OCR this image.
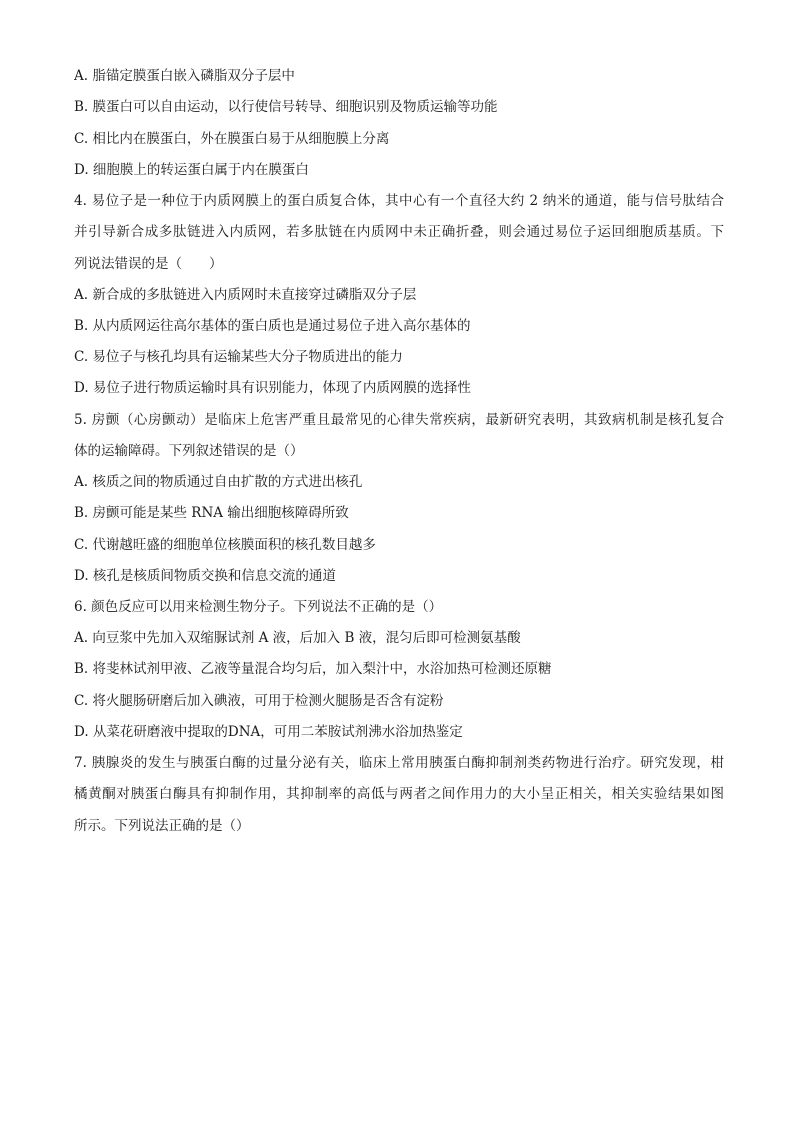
A. 脂锚定膜蛋白嵌入磷脂双分子层中
B. 膜蛋白可以自由运动，以行使信号转导、细胞识别及物质运输等功能
C. 相比内在膜蛋白，外在膜蛋白易于从细胞膜上分离
D. 细胞膜上的转运蛋白属于内在膜蛋白
4. 易位子是一种位于内质网膜上的蛋白质复合体，其中心有一个直径大约 2 纳米的通道，能与信号肽结合
并引导新合成多肽链进入内质网，若多肽链在内质网中未正确折叠，则会通过易位子运回细胞质基质。下
列说法错误的是（　　）
A. 新合成的多肽链进入内质网时未直接穿过磷脂双分子层
B. 从内质网运往高尔基体的蛋白质也是通过易位子进入高尔基体的
C. 易位子与核孔均具有运输某些大分子物质进出的能力
D. 易位子进行物质运输时具有识别能力，体现了内质网膜的选择性
5. 房颤（心房颤动）是临床上危害严重且最常见的心律失常疾病，最新研究表明，其致病机制是核孔复合
体的运输障碍。下列叙述错误的是（）
A. 核质之间的物质通过自由扩散的方式进出核孔
B. 房颤可能是某些 RNA 输出细胞核障碍所致
C. 代谢越旺盛的细胞单位核膜面积的核孔数目越多
D. 核孔是核质间物质交换和信息交流的通道
6. 颜色反应可以用来检测生物分子。下列说法不正确的是（）
A. 向豆浆中先加入双缩脲试剂 A 液，后加入 B 液，混匀后即可检测氨基酸
B. 将斐林试剂甲液、乙液等量混合均匀后，加入梨汁中，水浴加热可检测还原糖
C. 将火腿肠研磨后加入碘液，可用于检测火腿肠是否含有淀粉
D. 从菜花研磨液中提取的DNA，可用二苯胺试剂沸水浴加热鉴定
7. 胰腺炎的发生与胰蛋白酶的过量分泌有关，临床上常用胰蛋白酶抑制剂类药物进行治疗。研究发现，柑
橘黄酮对胰蛋白酶具有抑制作用，其抑制率的高低与两者之间作用力的大小呈正相关，相关实验结果如图
所示。下列说法正确的是（）
